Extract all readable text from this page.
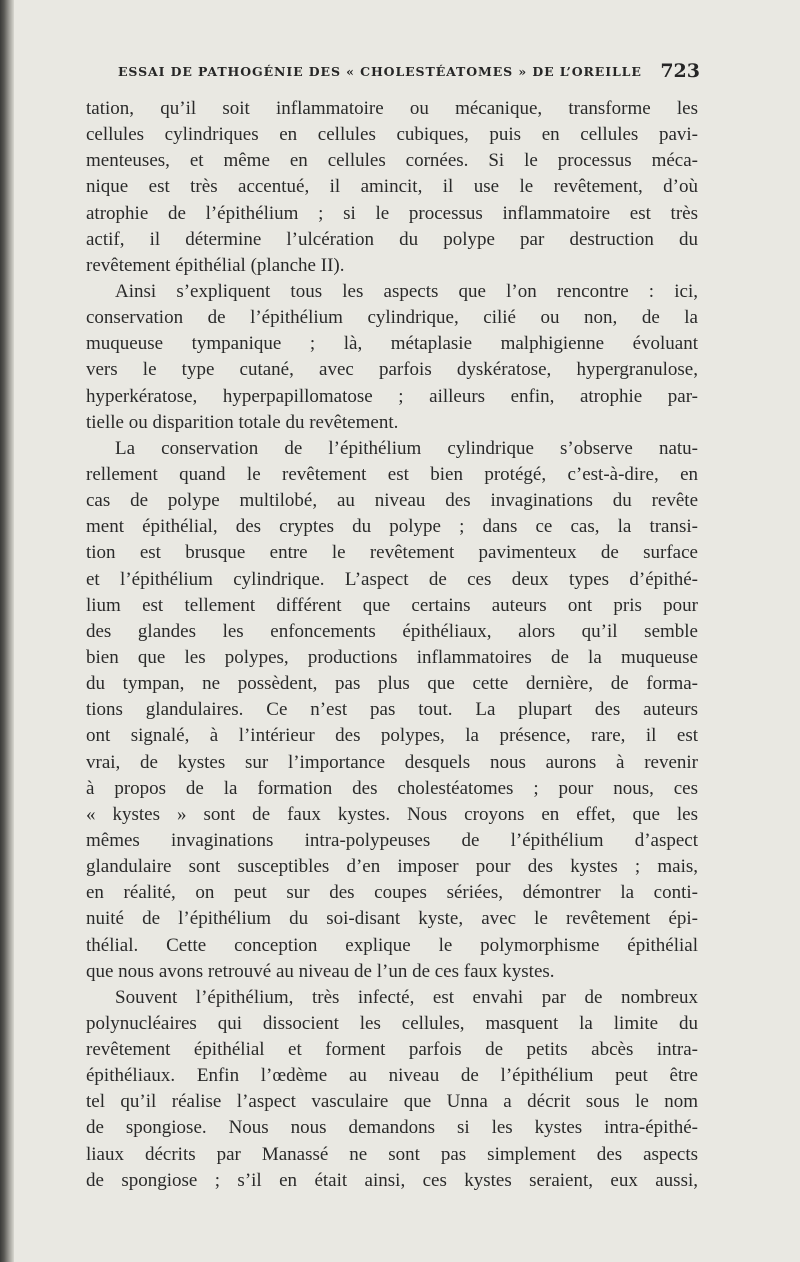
ESSAI DE PATHOGÉNIE DES « CHOLESTÉATOMES » DE L’OREILLE 723
tation, qu’il soit inflammatoire ou mécanique, transforme les
cellules cylindriques en cellules cubiques, puis en cellules pavi-
menteuses, et même en cellules cornées. Si le processus méca-
nique est très accentué, il amincit, il use le revêtement, d’où
atrophie de l’épithélium ; si le processus inflammatoire est très
actif, il détermine l’ulcération du polype par destruction du
revêtement épithélial (planche II).
Ainsi s’expliquent tous les aspects que l’on rencontre : ici,
conservation de l’épithélium cylindrique, cilié ou non, de la
muqueuse tympanique ; là, métaplasie malphigienne évoluant
vers le type cutané, avec parfois dyskératose, hypergranulose,
hyperkératose, hyperpapillomatose ; ailleurs enfin, atrophie par-
tielle ou disparition totale du revêtement.
La conservation de l’épithélium cylindrique s’observe natu-
rellement quand le revêtement est bien protégé, c’est-à-dire, en
cas de polype multilobé, au niveau des invaginations du revête
ment épithélial, des cryptes du polype ; dans ce cas, la transi-
tion est brusque entre le revêtement pavimenteux de surface
et l’épithélium cylindrique. L’aspect de ces deux types d’épithé-
lium est tellement différent que certains auteurs ont pris pour
des glandes les enfoncements épithéliaux, alors qu’il semble
bien que les polypes, productions inflammatoires de la muqueuse
du tympan, ne possèdent, pas plus que cette dernière, de forma-
tions glandulaires. Ce n’est pas tout. La plupart des auteurs
ont signalé, à l’intérieur des polypes, la présence, rare, il est
vrai, de kystes sur l’importance desquels nous aurons à revenir
à propos de la formation des cholestéatomes ; pour nous, ces
« kystes » sont de faux kystes. Nous croyons en effet, que les
mêmes invaginations intra-polypeuses de l’épithélium d’aspect
glandulaire sont susceptibles d’en imposer pour des kystes ; mais,
en réalité, on peut sur des coupes sériées, démontrer la conti-
nuité de l’épithélium du soi-disant kyste, avec le revêtement épi-
thélial. Cette conception explique le polymorphisme épithélial
que nous avons retrouvé au niveau de l’un de ces faux kystes.
Souvent l’épithélium, très infecté, est envahi par de nombreux
polynucléaires qui dissocient les cellules, masquent la limite du
revêtement épithélial et forment parfois de petits abcès intra-
épithéliaux. Enfin l’œdème au niveau de l’épithélium peut être
tel qu’il réalise l’aspect vasculaire que Unna a décrit sous le nom
de spongiose. Nous nous demandons si les kystes intra-épithé-
liaux décrits par Manassé ne sont pas simplement des aspects
de spongiose ; s’il en était ainsi, ces kystes seraient, eux aussi,
